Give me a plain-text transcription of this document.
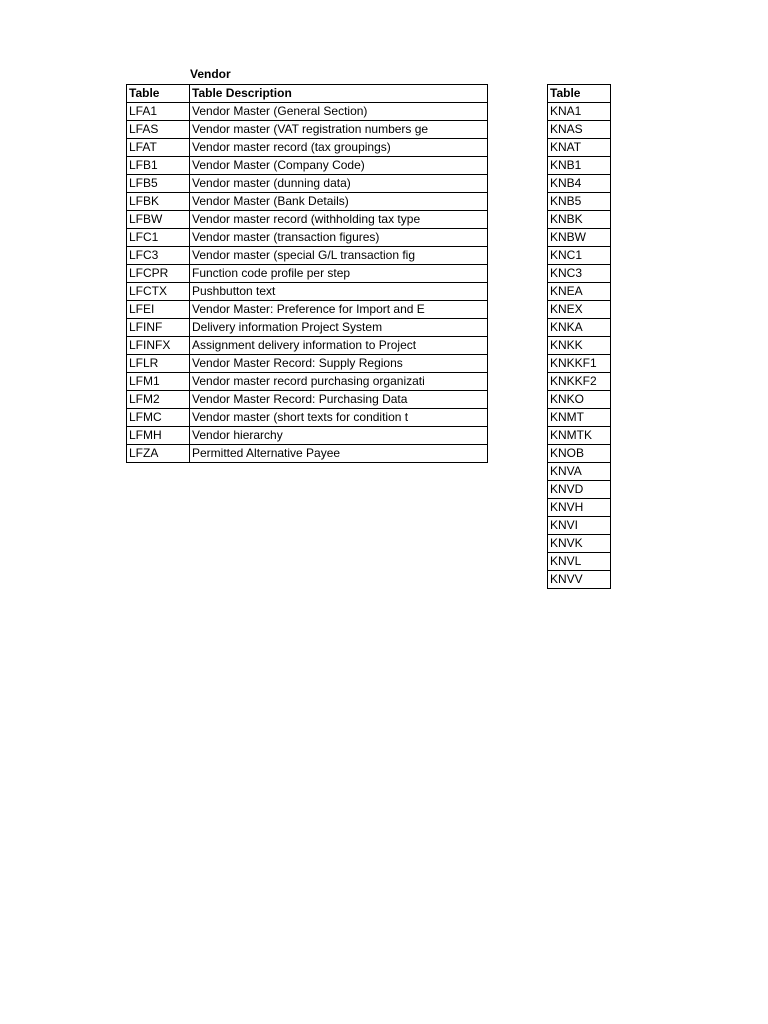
Vendor
Table	Table Description
LFA1	Vendor Master (General Section)
LFAS	Vendor master (VAT registration numbers ge
LFAT	Vendor master record (tax groupings)
LFB1	Vendor Master (Company Code)
LFB5	Vendor master (dunning data)
LFBK	Vendor Master (Bank Details)
LFBW	Vendor master record (withholding tax type
LFC1	Vendor master (transaction figures)
LFC3	Vendor master (special G/L transaction fig
LFCPR	Function code profile per step
LFCTX	Pushbutton text
LFEI	Vendor Master: Preference for Import and E
LFINF	Delivery information Project System
LFINFX	Assignment delivery information to Project
LFLR	Vendor Master Record: Supply Regions
LFM1	Vendor master record purchasing organizati
LFM2	Vendor Master Record: Purchasing Data
LFMC	Vendor master (short texts for condition t
LFMH	Vendor hierarchy
LFZA	Permitted Alternative Payee
Table
KNA1
KNAS
KNAT
KNB1
KNB4
KNB5
KNBK
KNBW
KNC1
KNC3
KNEA
KNEX
KNKA
KNKK
KNKKF1
KNKKF2
KNKO
KNMT
KNMTK
KNOB
KNVA
KNVD
KNVH
KNVI
KNVK
KNVL
KNVV
